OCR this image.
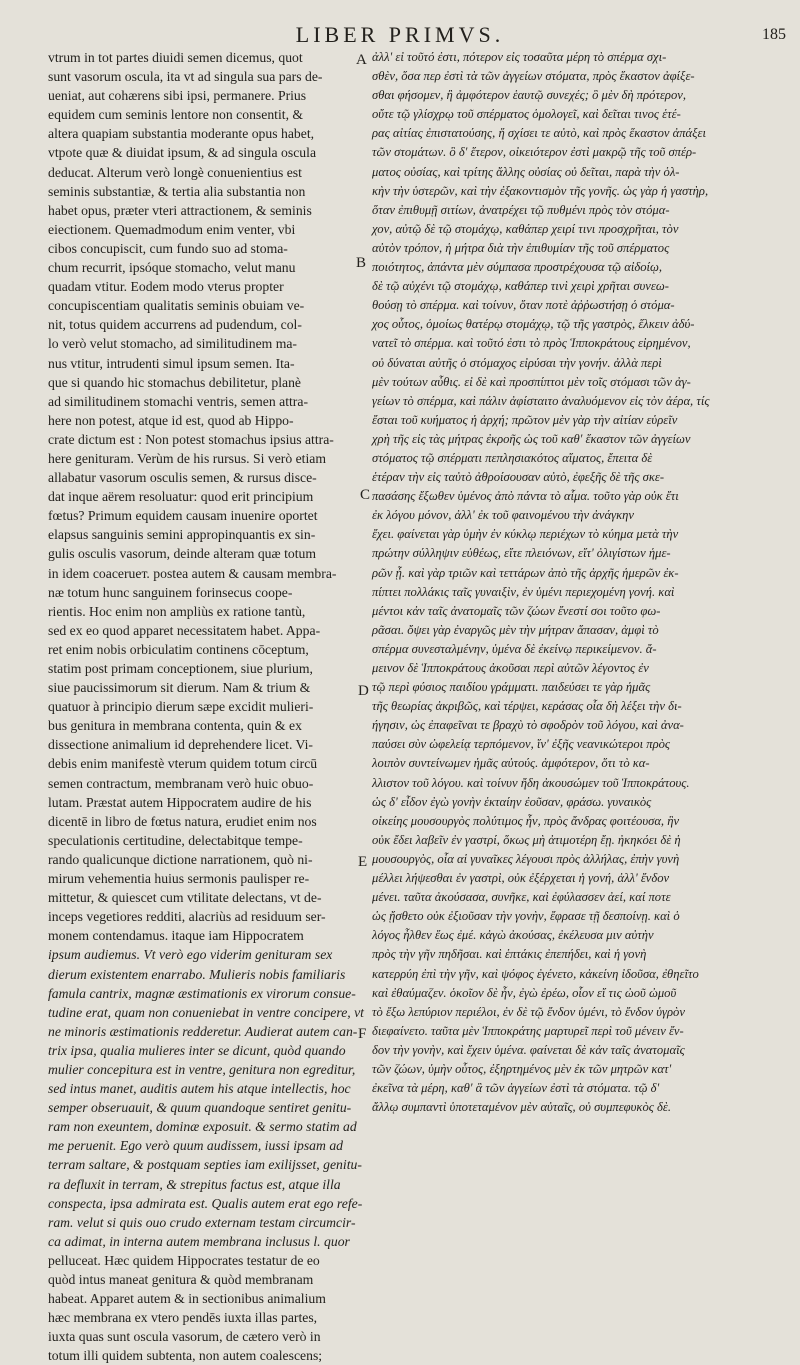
LIBER PRIMVS.	185
vtrum in tot partes diuidi semen dicemus, quot
sunt vasorum oscula, ita vt ad singula sua pars de-
ueniat, aut cohærens sibi ipsi, permanere. Prius
equidem cum seminis lentore non consentit, &
altera quapiam substantia moderante opus habet,
vtpote quæ & diuidat ipsum, & ad singula oscula
deducat. Alterum verò longè conuenientius est
seminis substantiæ, & tertia alia substantia non
habet opus, præter vteri attractionem, & seminis
eiectionem. Quemadmodum enim venter, vbi
cibos concupiscit, cum fundo suo ad stoma-
chum recurrit, ipsóque stomacho, velut manu
quadam vtitur. Eodem modo vterus propter
concupiscentiam qualitatis seminis obuiam ve-
nit, totus quidem accurrens ad pudendum, col-
lo verò velut stomacho, ad similitudinem ma-
nus vtitur, intrudenti simul ipsum semen. Ita-
que si quando hic stomachus debilitetur, planè
ad similitudinem stomachi ventris, semen attra-
here non potest, atque id est, quod ab Hippo-
crate dictum est : Non potest stomachus ipsius attra-
here genituram. Verùm de his rursus. Si verò etiam
allabatur vasorum osculis semen, & rursus disce-
dat inque aërem resoluatur: quod erit principium
fœtus? Primum equidem causam inuenire oportet
elapsus sanguinis semini appropinquantis ex sin-
gulis osculis vasorum, deinde alteram quæ totum
in idem coacerueт. postea autem & causam membra-
næ totum hunc sanguinem forinsecus coope-
rientis. Hoc enim non ampliùs ex ratione tantù,
sed ex eo quod apparet necessitatem habet. Appa-
ret enim nobis orbiculatim continens cōceptum,
statim post primam conceptionem, siue plurium,
siue paucissimorum sit dierum. Nam & trium &
quatuor à principio dierum sæpe excidit mulieri-
bus genitura in membrana contenta, quin & ex
dissectione animalium id deprehendere licet. Vi-
debis enim manifestè vterum quidem totum circū
semen contractum, membranam verò huic obuo-
lutam. Præstat autem Hippocratem audire de his
dicentē in libro de fœtus natura, erudiet enim nos
speculationis certitudine, delectabitque tempe-
rando qualicunque dictione narrationem, quò ni-
mirum vehementia huius sermonis paulisper re-
mittetur, & quiescet cum vtilitate delectans, vt de-
inceps vegetiores redditi, alacriùs ad residuum ser-
monem contendamus. itaque iam Hippocratem
ipsum audiemus. Vt verò ego viderim genituram sex
dierum existentem enarrabo. Mulieris nobis familiaris
famula cantrix, magnæ æstimationis ex virorum consue-
tudine erat, quam non conueniebat in ventre concipere, vt
ne minoris æstimationis redderetur. Audierat autem can-
trix ipsa, qualia mulieres inter se dicunt, quòd quando
mulier concepitura est in ventre, genitura non egreditur,
sed intus manet, auditis autem his atque intellectis, hoc
semper obseruauit, & quum quandoque sentiret genitu-
ram non exeuntem, dominæ exposuit. & sermo statim ad
me peruenit. Ego verò quum audissem, iussi ipsam ad
terram saltare, & postquam septies iam exilijsset, genitu-
ra defluxit in terram, & strepitus factus est, atque illa
conspecta, ipsa admirata est. Qualis autem erat ego refe-
ram. velut si quis ouo crudo externam testam circumcir-
ca adimat, in interna autem membrana inclusus l. quor
pelluceat. Hæc quidem Hippocrates testatur de eo
quòd intus maneat genitura & quòd membranam
habeat. Apparet autem & in sectionibus animalium
hæc membrana ex vtero pendēs iuxta illas partes,
iuxta quas sunt oscula vasorum, de cætero verò in
totum illi quidem subtenta, non autem coalescens;
A
B
C
D
E
F
ἀλλ' εἰ τοῦτό ἐστι, πότερον εἰς τοσαῦτα μέρη τὸ σπέρμα σχι-
σθὲν, ὅσα περ ἐστὶ τὰ τῶν ἀγγείων στόματα, πρὸς ἕκαστον ἀφίξε-
σθαι φήσομεν, ἢ ἀμφότερον ἑαυτῷ συνεχές; ὃ μὲν δὴ πρότερον,
οὔτε τῷ γλίσχρῳ τοῦ σπέρματος ὁμολογεῖ, καὶ δεῖται τινος ἑτέ-
ρας αἰτίας ἐπιστατούσης, ἥ σχίσει τε αὐτὸ, καὶ πρὸς ἕκαστον ἀπάξει
τῶν στομάτων. ὃ δ' ἕτερον, οἰκειότερον ἐστὶ μακρῷ τῆς τοῦ σπέρ-
ματος οὐσίας, καὶ τρίτης ἄλλης οὐσίας οὐ δεῖται, παρὰ τὴν ὁλ-
κὴν τὴν ὑστερῶν, καὶ τὴν ἐξακοντισμὸν τῆς γονῆς. ὡς γὰρ ἡ γαστὴρ,
ὅταν ἐπιθυμῇ σιτίων, ἀνατρέχει τῷ πυθμένι πρὸς τὸν στόμα-
χον, αὐτῷ δὲ τῷ στομάχῳ, καθάπερ χειρί τινι προσχρῆται, τὸν
αὐτὸν τρόπον, ἡ μήτρα διὰ τὴν ἐπιθυμίαν τῆς τοῦ σπέρματος
ποιότητος, ἀπάντα μὲν σύμπασα προστρέχουσα τῷ αἰδοίῳ,
δὲ τῷ αὐχένι τῷ στομάχῳ, καθάπερ τινὶ χειρὶ χρῆται συνεω-
θούσῃ τὸ σπέρμα. καὶ τοίνυν, ὅταν ποτὲ ἀῤῥωστήσῃ ὁ στόμα-
χος οὗτος, ὁμοίως θατέρῳ στομάχῳ, τῷ τῆς γαστρὸς, ἕλκειν ἀδύ-
νατεῖ τὸ σπέρμα. καὶ τοῦτό ἐστι τὸ πρὸς Ἱπποκράτους εἰρημένον,
οὐ δύναται αὐτῆς ὁ στόμαχος εἰρύσαι τὴν γονήν. ἀλλὰ περὶ
μὲν τούτων αὖθις. εἰ δὲ καὶ προσπίπτοι μὲν τοῖς στόμασι τῶν ἀγ-
γείων τὸ σπέρμα, καὶ πάλιν ἀφίσταιτο ἀναλυόμενον εἰς τὸν ἀέρα, τίς
ἔσται τοῦ κυήματος ἡ ἀρχή; πρῶτον μὲν γὰρ τὴν αἰτίαν εὑρεῖν
χρὴ τῆς εἰς τὰς μήτρας ἐκροῆς ὡς τοῦ καθ' ἕκαστον τῶν ἀγγείων
στόματος τῷ σπέρματι πεπλησιακότος αἵματος, ἔπειτα δὲ
ἑτέραν τὴν εἰς ταὐτὸ ἀθροίσουσαν αὐτὸ, ἐφεξῆς δὲ τῆς σκε-
πασάσης ἔξωθεν ὑμένος ἀπὸ πάντα τὸ αἷμα. τοῦτο γὰρ οὐκ ἔτι
ἐκ λόγου μόνον, ἀλλ' ἐκ τοῦ φαινομένου τὴν ἀνάγκην
ἔχει. φαίνεται γὰρ ὑμὴν ἐν κύκλῳ περιέχων τὸ κύημα μετὰ τὴν
πρώτην σύλληψιν εὐθέως, εἴτε πλειόνων, εἴτ' ὀλιγίστων ἡμε-
ρῶν ᾖ. καὶ γὰρ τριῶν καὶ τεττάρων ἀπὸ τῆς ἀρχῆς ἡμερῶν ἐκ-
πίπτει πολλάκις ταῖς γυναιξὶν, ἐν ὑμένι περιεχομένη γονή. καὶ
μέντοι κἀν ταῖς ἀνατομαῖς τῶν ζώων ἔνεστί σοι τοῦτο φω-
ρᾶσαι. ὄψει γὰρ ἐναργῶς μὲν τὴν μήτραν ἅπασαν, ἀμφὶ τὸ
σπέρμα συνεσταλμένην, ὑμένα δὲ ἐκείνῳ περικείμενον. ἄ-
μεινον δὲ Ἱπποκράτους ἀκοῦσαι περὶ αὐτῶν λέγοντος ἐν
τῷ περὶ φύσιος παιδίου γράμματι. παιδεύσει τε γὰρ ἡμᾶς
τῆς θεωρίας ἀκριβῶς, καὶ τέρψει, κεράσας οἷα δὴ λέξει τὴν δι-
ήγησιν, ὡς ἐπαφεῖναι τε βραχὺ τὸ σφοδρὸν τοῦ λόγου, καὶ ἀνα-
παύσει σὺν ὠφελείᾳ τερπόμενον, ἵν' ἐξῆς νεανικώτεροι πρὸς
λοιπὸν συντείνωμεν ἡμᾶς αὐτούς. ἀμφότερον, ὅτι τὸ κα-
λλιστον τοῦ λόγου. καὶ τοίνυν ἤδη ἀκουσώμεν τοῦ Ἱπποκράτους.
ὡς δ' εἶδον ἐγὼ γονὴν ἑκταίην ἐοῦσαν, φράσω. γυναικὸς
οἰκείης μουσουργὸς πολύτιμος ἦν, πρὸς ἄνδρας φοιτέουσα, ἣν
οὐκ ἔδει λαβεῖν ἐν γαστρί, ὅκως μὴ ἀτιμοτέρη ἔῃ. ἠκηκόει δὲ ἡ
μουσουργὸς, οἷα αἱ γυναῖκες λέγουσι πρὸς ἀλλήλας, ἐπὴν γυνὴ
μέλλει λήψεσθαι ἐν γαστρὶ, οὐκ ἐξέρχεται ἡ γονή, ἀλλ' ἔνδον
μένει. ταῦτα ἀκούσασα, συνῆκε, καὶ ἐφύλασσεν ἀεί, καί ποτε
ὡς ᾔσθετο οὐκ ἐξιοῦσαν τὴν γονὴν, ἔφρασε τῇ δεσποίνῃ. καὶ ὁ
λόγος ἦλθεν ἕως ἐμέ. κἀγὼ ἀκούσας, ἐκέλευσα μιν αὐτὴν
πρὸς τὴν γῆν πηδῆσαι. καὶ ἑπτάκις ἐπεπήδει, καὶ ἡ γονὴ
κατερρύη ἐπὶ τὴν γῆν, καὶ ψόφος ἐγένετο, κἀκείνη ἰδοῦσα, ἐθηεῖτο
καὶ ἐθαύμαζεν. ὁκοῖον δὲ ἦν, ἐγὼ ἐρέω, οἷον εἴ τις ὠοῦ ὠμοῦ
τὸ ἔξω λεπύριον περιέλοι, ἐν δὲ τῷ ἔνδον ὑμένι, τὸ ἔνδον ὑγρὸν
διεφαίνετο. ταῦτα μὲν Ἱπποκράτης μαρτυρεῖ περὶ τοῦ μένειν ἔν-
δον τὴν γονὴν, καὶ ἔχειν ὑμένα. φαίνεται δὲ κἀν ταῖς ἀνατομαῖς
τῶν ζώων, ὑμὴν οὗτος, ἐξηρτημένος μὲν ἐκ τῶν μητρῶν κατ'
ἐκεῖνα τὰ μέρη, καθ' ἃ τῶν ἀγγείων ἐστὶ τὰ στόματα. τῷ δ'
ἄλλῳ συμπαντὶ ὑποτεταμένον μὲν αὐταῖς, οὐ συμπεφυκὸς δὲ.
